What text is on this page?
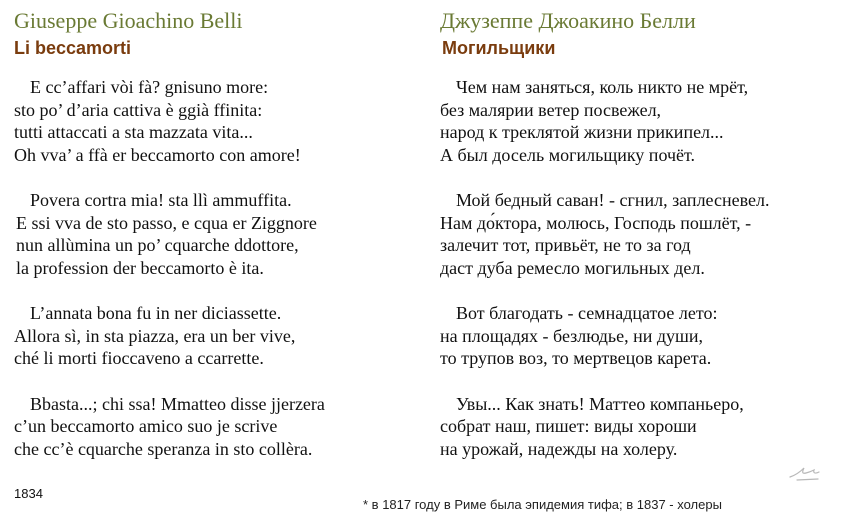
Giuseppe Gioachino Belli
Li beccamorti
E cc’affari vòi fà? gnisuno more:
sto po’ d’aria cattiva è ggià ffinita:
tutti attaccati a sta mazzata vita...
Oh vva’ a ffà er beccamorto con amore!
Povera cortra mia! sta llì ammuffita.
E ssi vva de sto passo, e cqua er Ziggnore
nun allùmina un po’ cquarche ddottore,
la profession der beccamorto è ita.
L’annata bona fu in ner diciassette.
Allora sì, in sta piazza, era un ber vive,
ché li morti fioccaveno a ccarrette.
Bbasta...; chi ssa! Mmatteo disse jjerzera
c’un beccamorto amico suo je scrive
che cc’è cquarche speranza in sto collèra.
Джузеппе Джоакино Белли
Могильщики
Чем нам заняться, коль никто не мрёт,
без малярии ветер посвежел,
народ к треклятой жизни прикипел...
А был досель могильщику почёт.
Мой бедный саван! - сгнил, заплесневел.
Нам до́ктора, молюсь, Господь пошлёт, -
залечит тот, привьёт, не то за год
даст дуба ремесло могильных дел.
Вот благодать - семнадцатое лето:
на площадях - безлюдье, ни души,
то трупов воз, то мертвецов карета.
Увы... Как знать! Маттео компаньеро,
собрат наш, пишет: виды хороши
на урожай, надежды на холеру.
1834
* в 1817 году в Риме была эпидемия тифа; в 1837 - холеры
